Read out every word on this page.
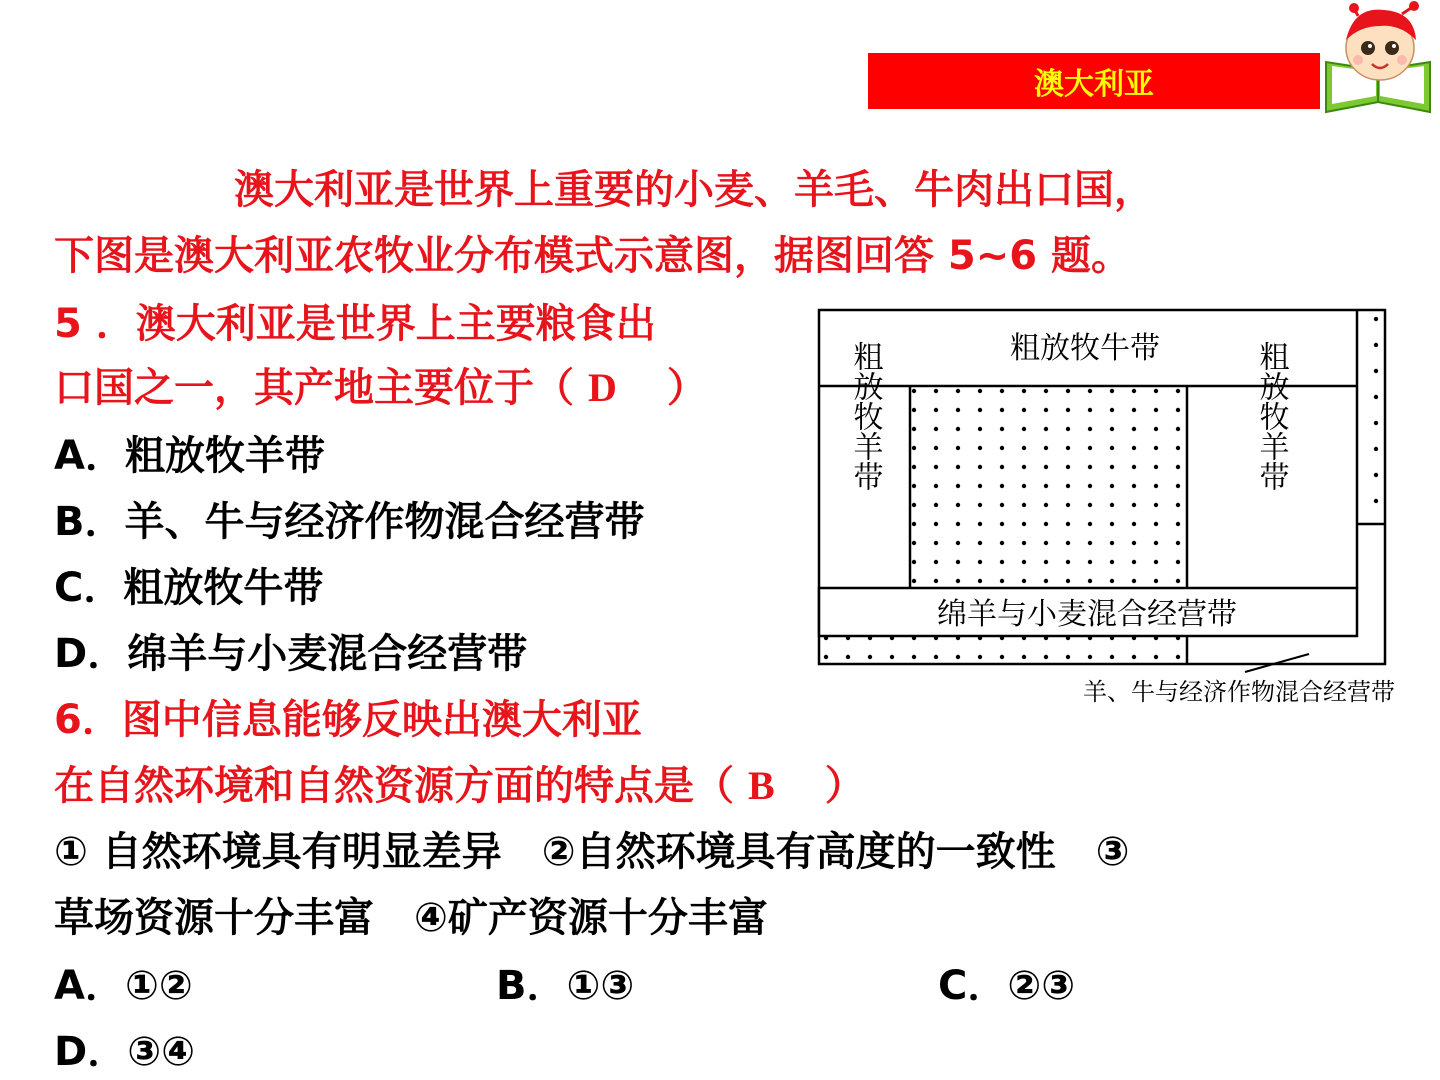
澳大利亚
澳大利亚是世界上重要的小麦、羊毛、牛肉出口国，
下图是澳大利亚农牧业分布模式示意图，据图回答 5~6 题。
5 ．澳大利亚是世界上主要粮食出
口国之一，其产地主要位于（ D ）
A．粗放牧羊带
B．羊、牛与经济作物混合经营带
C．粗放牧牛带
D．绵羊与小麦混合经营带
6．图中信息能够反映出澳大利亚
在自然环境和自然资源方面的特点是（ B ）
① 自然环境具有明显差异　②自然环境具有高度的一致性　③
草场资源十分丰富　④矿产资源十分丰富
A．①②	B．①③	C．②③
D．③④
粗放牧牛带
绵羊与小麦混合经营带
粗放牧羊带	粗放牧羊带
羊、牛与经济作物混合经营带
